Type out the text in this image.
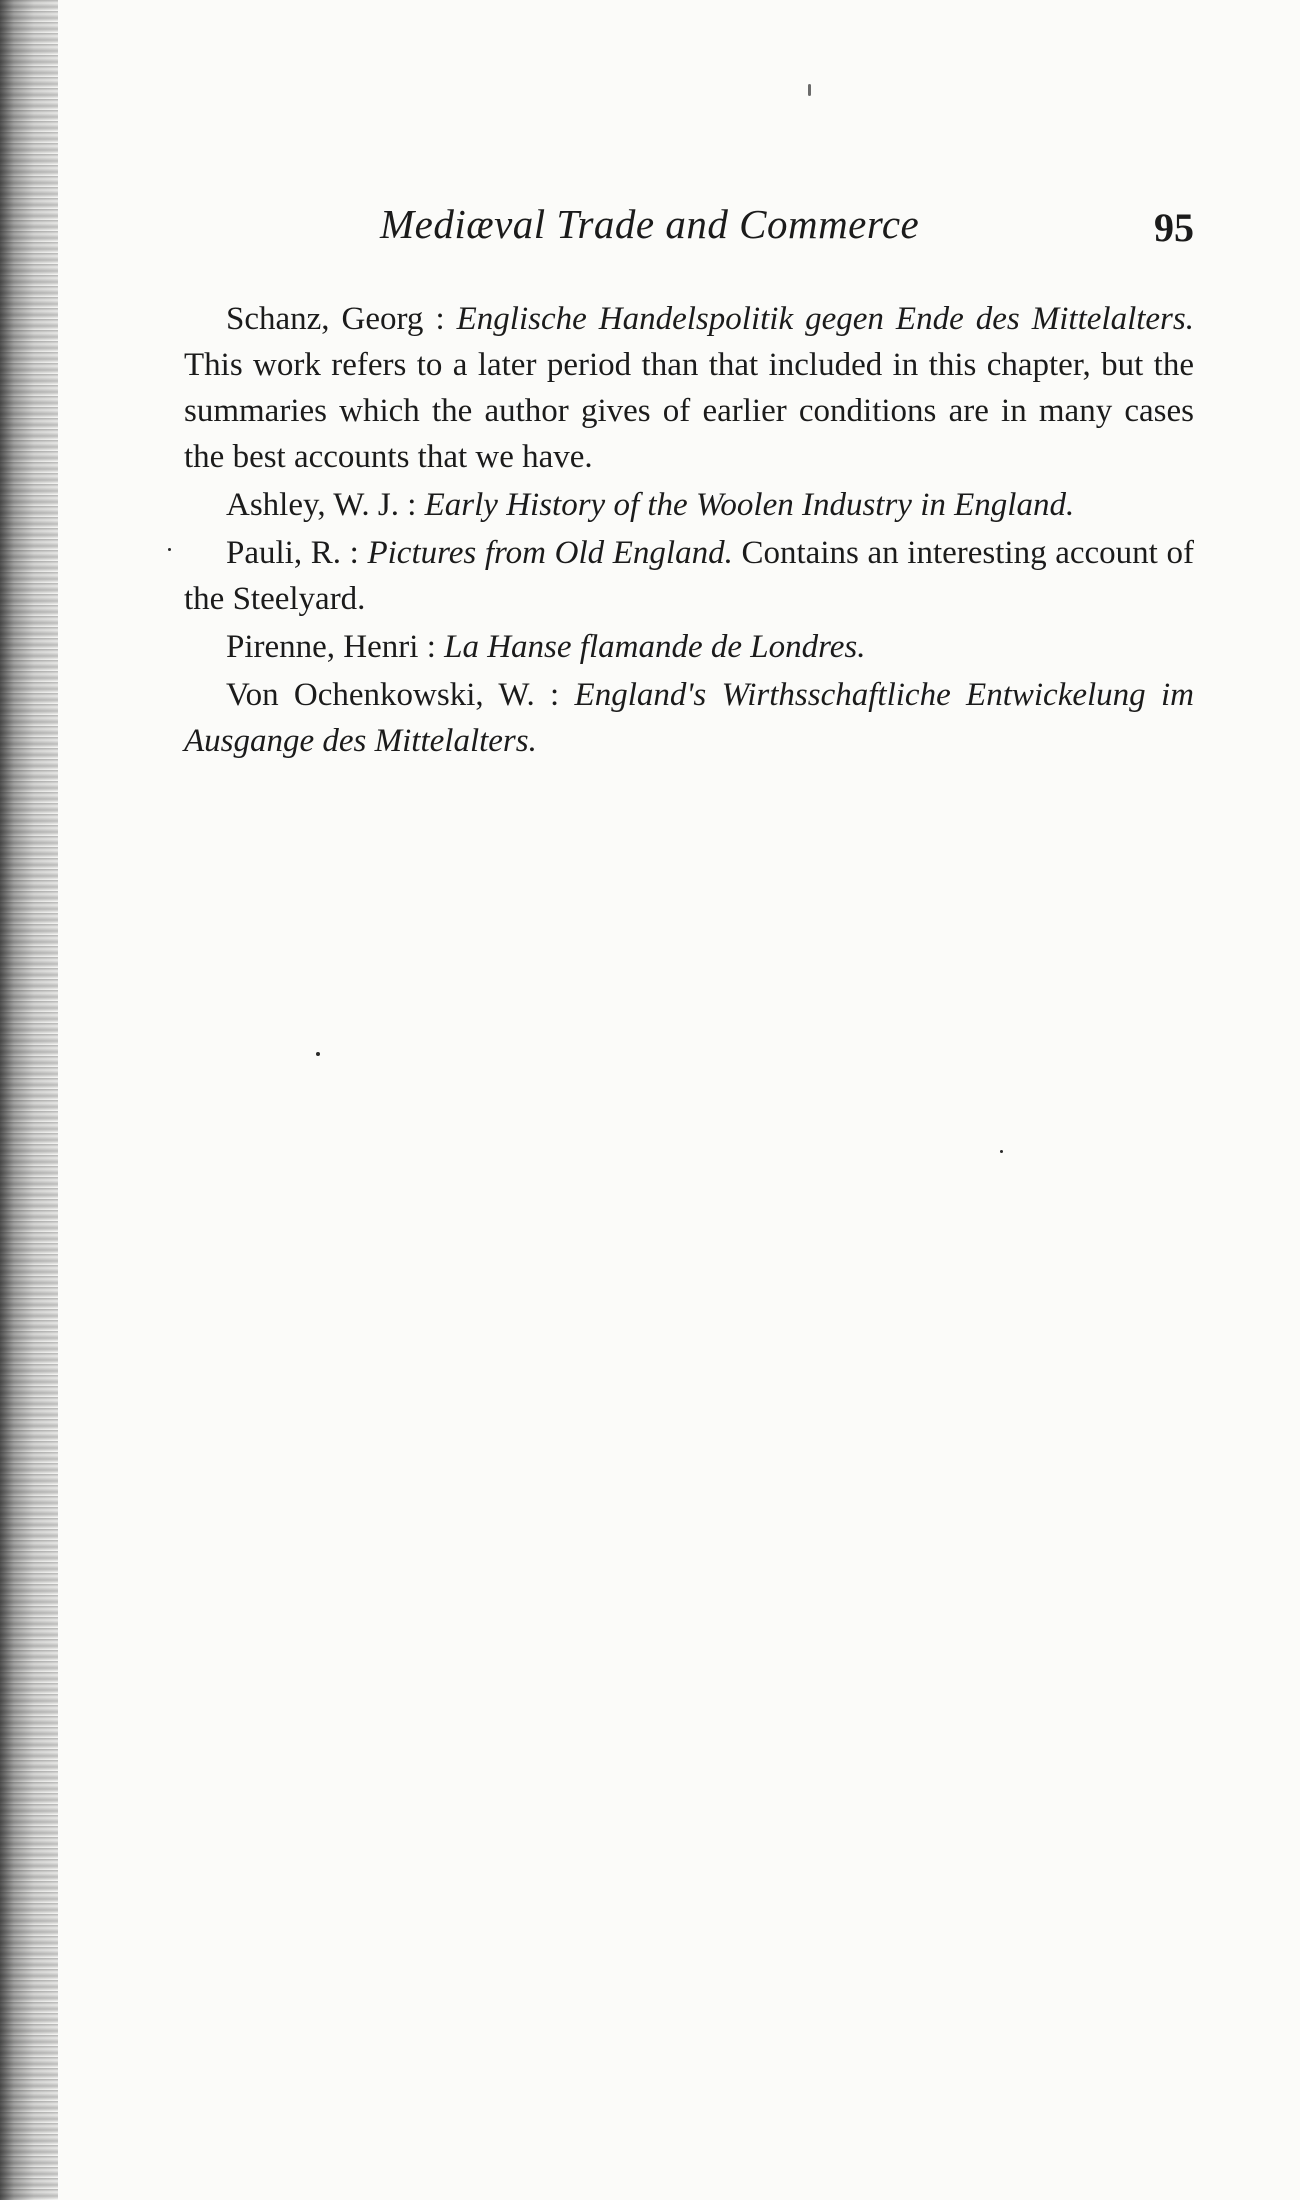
Mediæval Trade and Commerce	95

Schanz, Georg : Englische Handelspolitik gegen Ende des Mittelalters. This work refers to a later period than that included in this chapter, but the summaries which the author gives of earlier conditions are in many cases the best accounts that we have.

Ashley, W. J. : Early History of the Woolen Industry in England.

Pauli, R. : Pictures from Old England. Contains an interesting account of the Steelyard.

Pirenne, Henri : La Hanse flamande de Londres.

Von Ochenkowski, W. : England's Wirthsschaftliche Entwickelung im Ausgange des Mittelalters.
